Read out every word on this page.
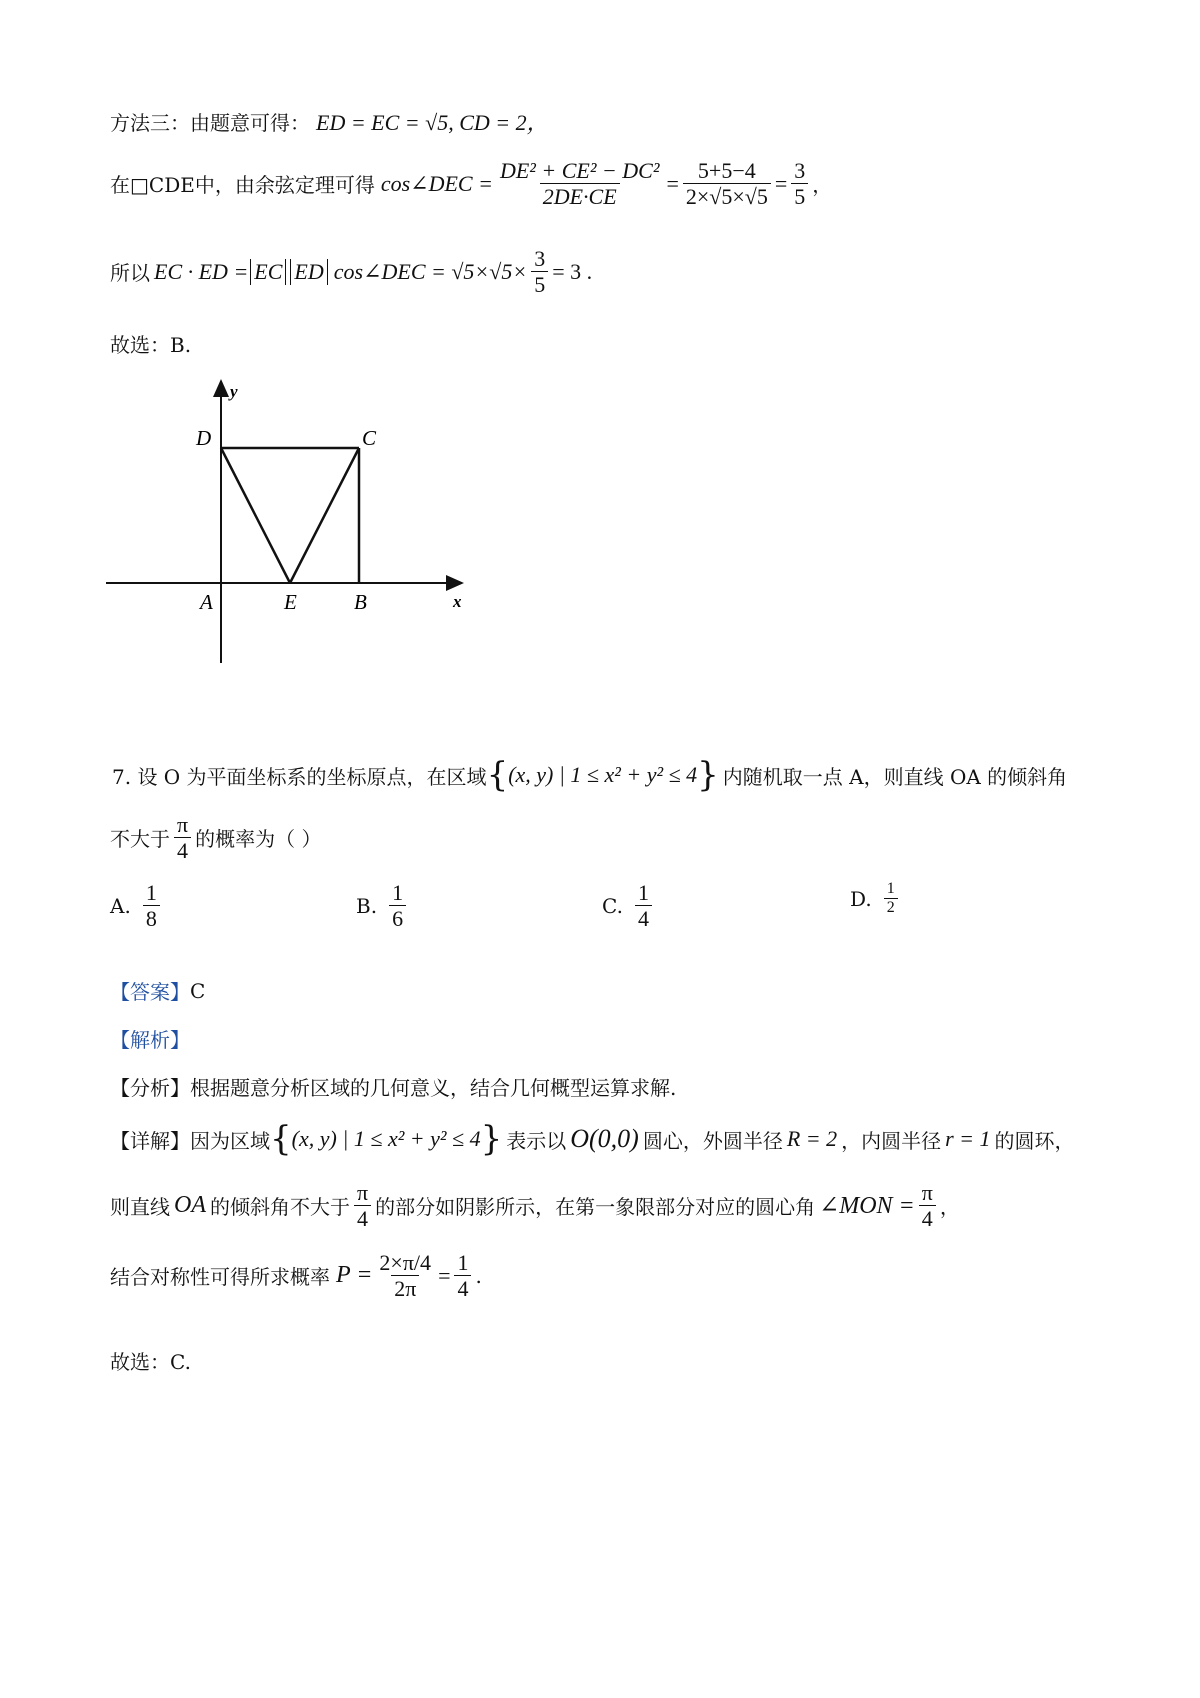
方法三：由题意可得： ED = EC = √5, CD = 2，
在□CDE中，由余弦定理可得 cos∠DEC = $\frac{\text{DE² + CE² − DC²}}{2DE\cdot CE} = \frac{5+5-4}{2\times√5\times√5} = \frac{3}{5}$ ，
所以 EC · ED = EC ED cos∠DEC = $√5\times√5\times \frac{3}{5} = 3$ .
故选：B.
y
x
D	C
A	E	B
7. 设 O 为平面坐标系的坐标原点，在区域 { (x, y) | 1 ≤ x² + y² ≤ 4 } 内随机取一点 A，则直线 OA 的倾斜角
不大于 $\frac{\pi}{4}$ 的概率为（ ）
A. $\frac{1}{8}$	B. $\frac{1}{6}$	C. $\frac{1}{4}$	D. $\frac{1}{2}$
【答案】 C
【解析】
【分析】 根据题意分析区域的几何意义，结合几何概型运算求解.
【详解】 因为区域 { (x, y) | 1 ≤ x² + y² ≤ 4 } 表示以 O(0,0) 圆心，外圆半径 R = 2 ，内圆半径 r = 1 的圆环，
则直线 OA 的倾斜角不大于 $\frac{\pi}{4}$ 的部分如阴影所示，在第一象限部分对应的圆心角 ∠MON = $\frac{\pi}{4}$ ，
结合对称性可得所求概率 $P = \frac{2\times\pi/4}{2\pi} = \frac{1}{4}$ .
故选：C.
